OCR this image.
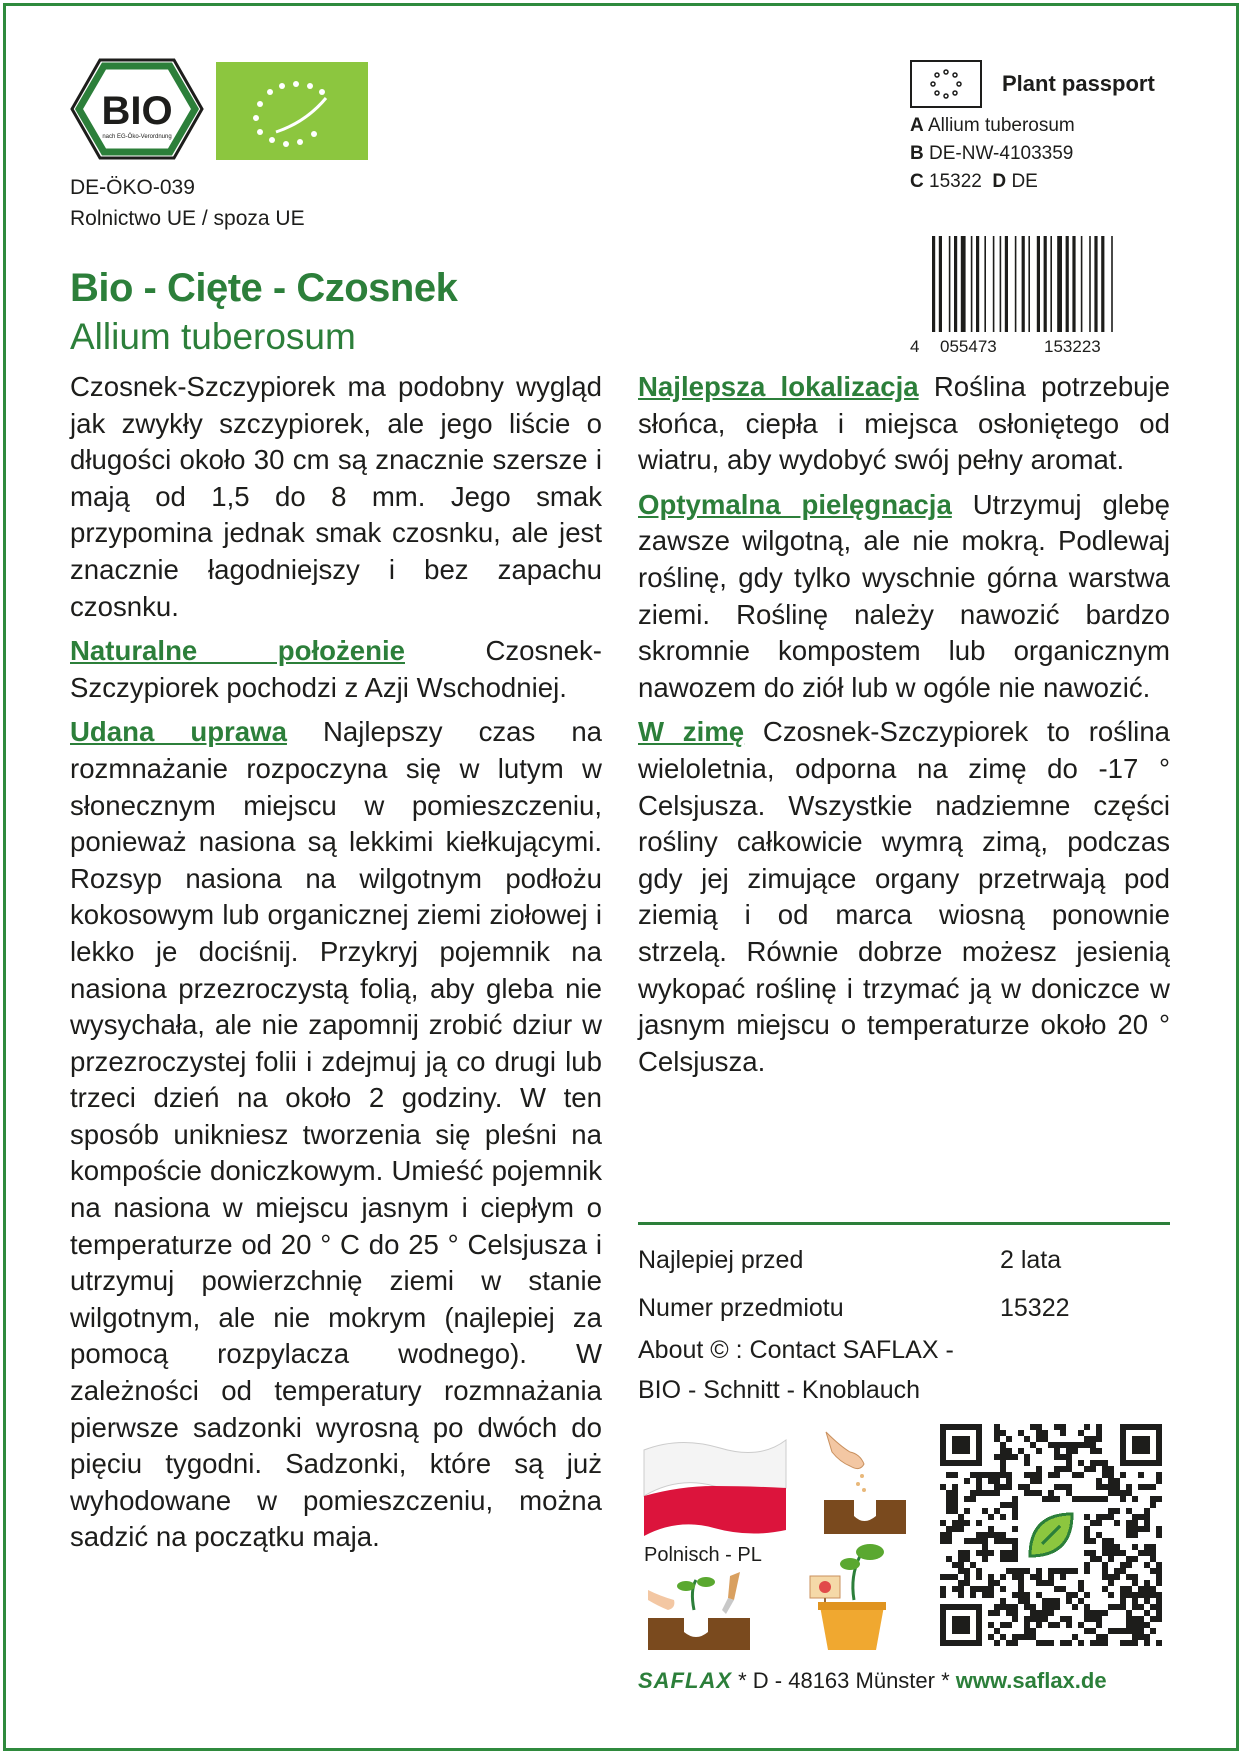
BIO
nach EG-Öko-Verordnung
DE-ÖKO-039
Rolnictwo UE / spoza UE
Plant passport
A Allium tuberosum
B DE-NW-4103359
C 15322 D DE
4 055473	153223
Bio - Cięte - Czosnek
Allium tuberosum

Czosnek-Szczypiorek ma podobny wygląd jak zwykły szczypiorek, ale jego liście o długości około 30 cm są znacznie szersze i mają od 1,5 do 8 mm. Jego smak przypomina jednak smak czosnku, ale jest znacznie łagodniejszy i bez zapachu czosnku.

Naturalne położenie Czosnek-Szczypiorek pochodzi z Azji Wschodniej.

Udana uprawa Najlepszy czas na rozmnażanie rozpoczyna się w lutym w słonecznym miejscu w pomieszczeniu, ponieważ nasiona są lekkimi kiełkującymi. Rozsyp nasiona na wilgotnym podłożu kokosowym lub organicznej ziemi ziołowej i lekko je dociśnij. Przykryj pojemnik na nasiona przezroczystą folią, aby gleba nie wysychała, ale nie zapomnij zrobić dziur w przezroczystej folii i zdejmuj ją co drugi lub trzeci dzień na około 2 godziny. W ten sposób unikniesz tworzenia się pleśni na kompoście doniczkowym. Umieść pojemnik na nasiona w miejscu jasnym i ciepłym o temperaturze od 20 ° C do 25 ° Celsjusza i utrzymuj powierzchnię ziemi w stanie wilgotnym, ale nie mokrym (najlepiej za pomocą rozpylacza wodnego). W zależności od temperatury rozmnażania pierwsze sadzonki wyrosną po dwóch do pięciu tygodni. Sadzonki, które są już wyhodowane w pomieszczeniu, można sadzić na początku maja.

Najlepsza lokalizacja Roślina potrzebuje słońca, ciepła i miejsca osłoniętego od wiatru, aby wydobyć swój pełny aromat.

Optymalna pielęgnacja Utrzymuj glebę zawsze wilgotną, ale nie mokrą. Podlewaj roślinę, gdy tylko wyschnie górna warstwa ziemi. Roślinę należy nawozić bardzo skromnie kompostem lub organicznym nawozem do ziół lub w ogóle nie nawozić.

W zimę Czosnek-Szczypiorek to roślina wieloletnia, odporna na zimę do -17 ° Celsjusza. Wszystkie nadziemne części rośliny całkowicie wymrą zimą, podczas gdy jej zimujące organy przetrwają pod ziemią i od marca wiosną ponownie strzelą. Równie dobrze możesz jesienią wykopać roślinę i trzymać ją w doniczce w jasnym miejscu o temperaturze około 20 ° Celsjusza.

Najlepiej przed	2 lata
Numer przedmiotu	15322
About © : Contact SAFLAX -
BIO - Schnitt - Knoblauch
Polnisch - PL
SAFLAX * D - 48163 Münster * www.saflax.de
